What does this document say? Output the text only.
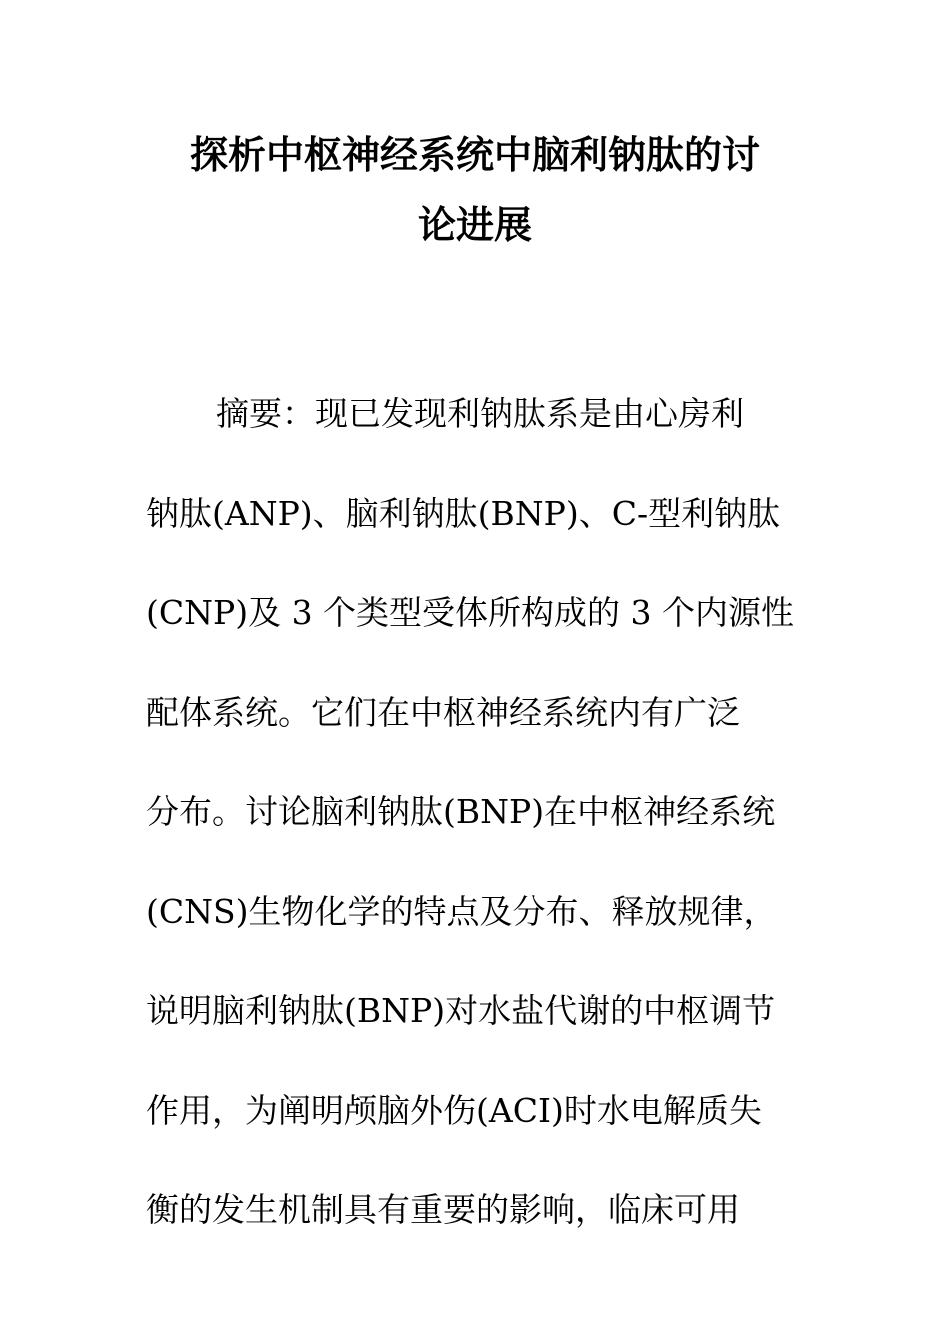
探析中枢神经系统中脑利钠肽的讨
论进展
摘要：现已发现利钠肽系是由心房利
钠肽(ANP)、脑利钠肽(BNP)、C-型利钠肽
(CNP)及 3 个类型受体所构成的 3 个内源性
配体系统。它们在中枢神经系统内有广泛
分布。讨论脑利钠肽(BNP)在中枢神经系统
(CNS)生物化学的特点及分布、释放规律，
说明脑利钠肽(BNP)对水盐代谢的中枢调节
作用，为阐明颅脑外伤(ACI)时水电解质失
衡的发生机制具有重要的影响，临床可用
